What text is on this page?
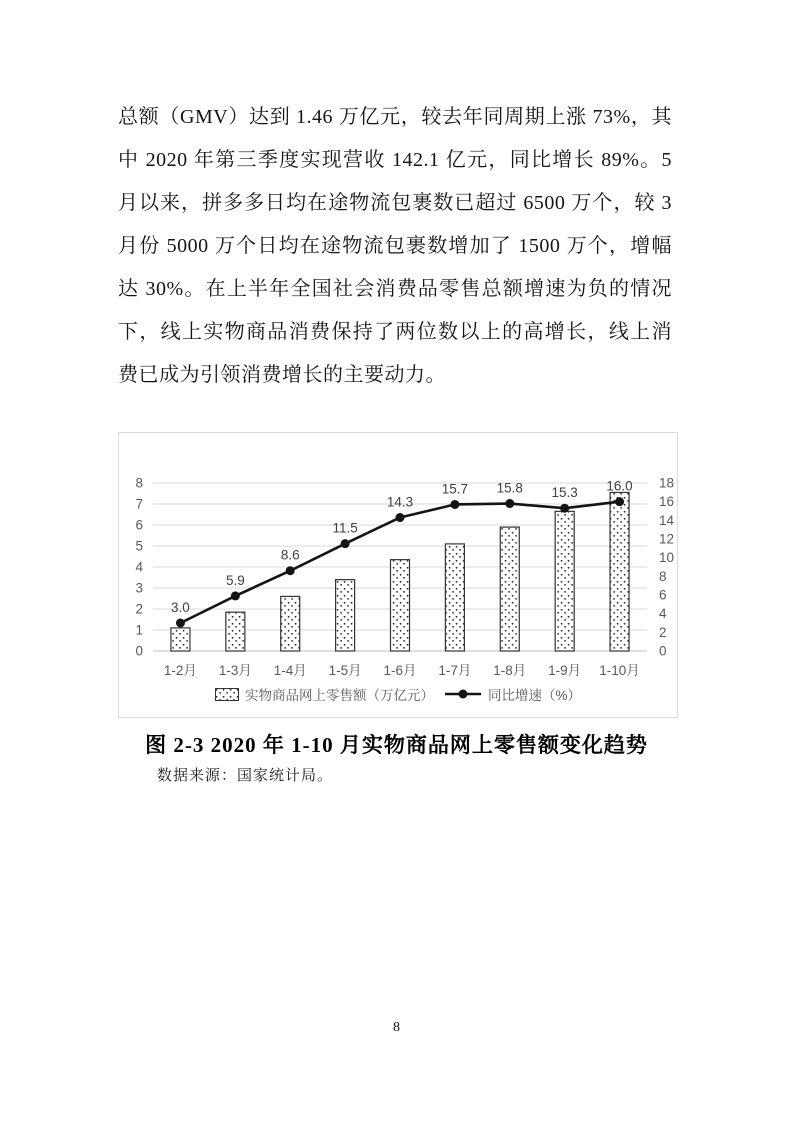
总额（GMV）达到 1.46 万亿元，较去年同周期上涨 73%，其
中 2020 年第三季度实现营收 142.1 亿元，同比增长 89%。5
月以来，拼多多日均在途物流包裹数已超过 6500 万个，较 3
月份 5000 万个日均在途物流包裹数增加了 1500 万个，增幅
达 30%。在上半年全国社会消费品零售总额增速为负的情况
下，线上实物商品消费保持了两位数以上的高增长，线上消
费已成为引领消费增长的主要动力。
0
1
2
3
4
5
6
7
8
0
2
4
6
8
10
12
14
16
18
3.0
5.9
8.6
11.5
14.3
15.7 15.8 15.3 16.0
1-2月 1-3月 1-4月 1-5月 1-6月 1-7月 1-8月 1-9月 1-10月
实物商品网上零售额（万亿元）	同比增速（%）
图 2-3 2020 年 1-10 月实物商品网上零售额变化趋势
数据来源：国家统计局。
8
